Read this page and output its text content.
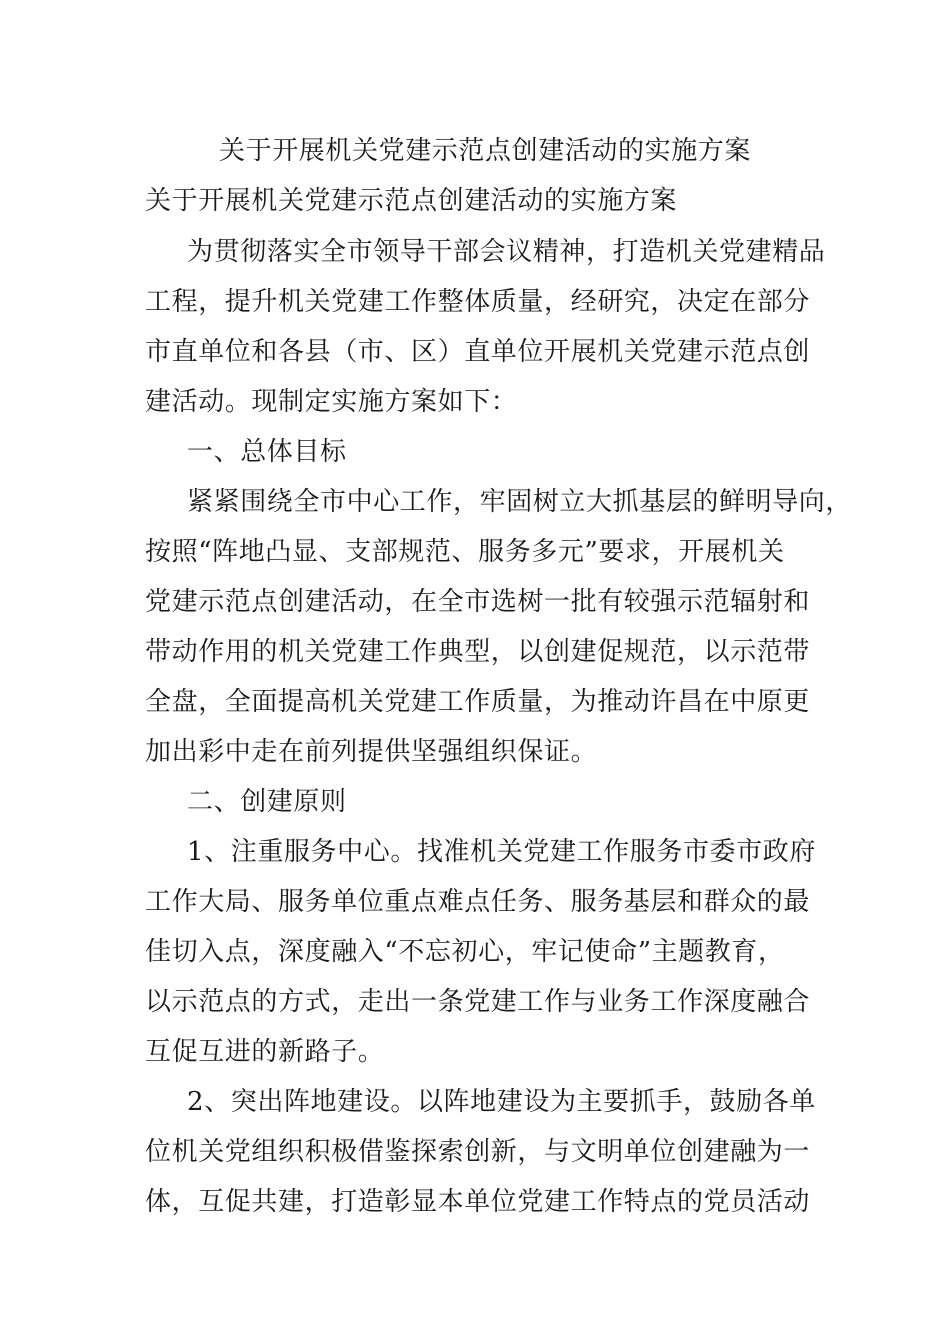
关于开展机关党建示范点创建活动的实施方案

关于开展机关党建示范点创建活动的实施方案

为贯彻落实全市领导干部会议精神，打造机关党建精品

工程，提升机关党建工作整体质量，经研究，决定在部分

市直单位和各县（市、区）直单位开展机关党建示范点创

建活动。现制定实施方案如下：

一、总体目标

紧紧围绕全市中心工作，牢固树立大抓基层的鲜明导向，

按照“阵地凸显、支部规范、服务多元”要求，开展机关

党建示范点创建活动，在全市选树一批有较强示范辐射和

带动作用的机关党建工作典型，以创建促规范，以示范带

全盘，全面提高机关党建工作质量，为推动许昌在中原更

加出彩中走在前列提供坚强组织保证。

二、创建原则

1、注重服务中心。找准机关党建工作服务市委市政府

工作大局、服务单位重点难点任务、服务基层和群众的最

佳切入点，深度融入“不忘初心，牢记使命”主题教育，

以示范点的方式，走出一条党建工作与业务工作深度融合

互促互进的新路子。

2、突出阵地建设。以阵地建设为主要抓手，鼓励各单

位机关党组织积极借鉴探索创新，与文明单位创建融为一

体，互促共建，打造彰显本单位党建工作特点的党员活动
